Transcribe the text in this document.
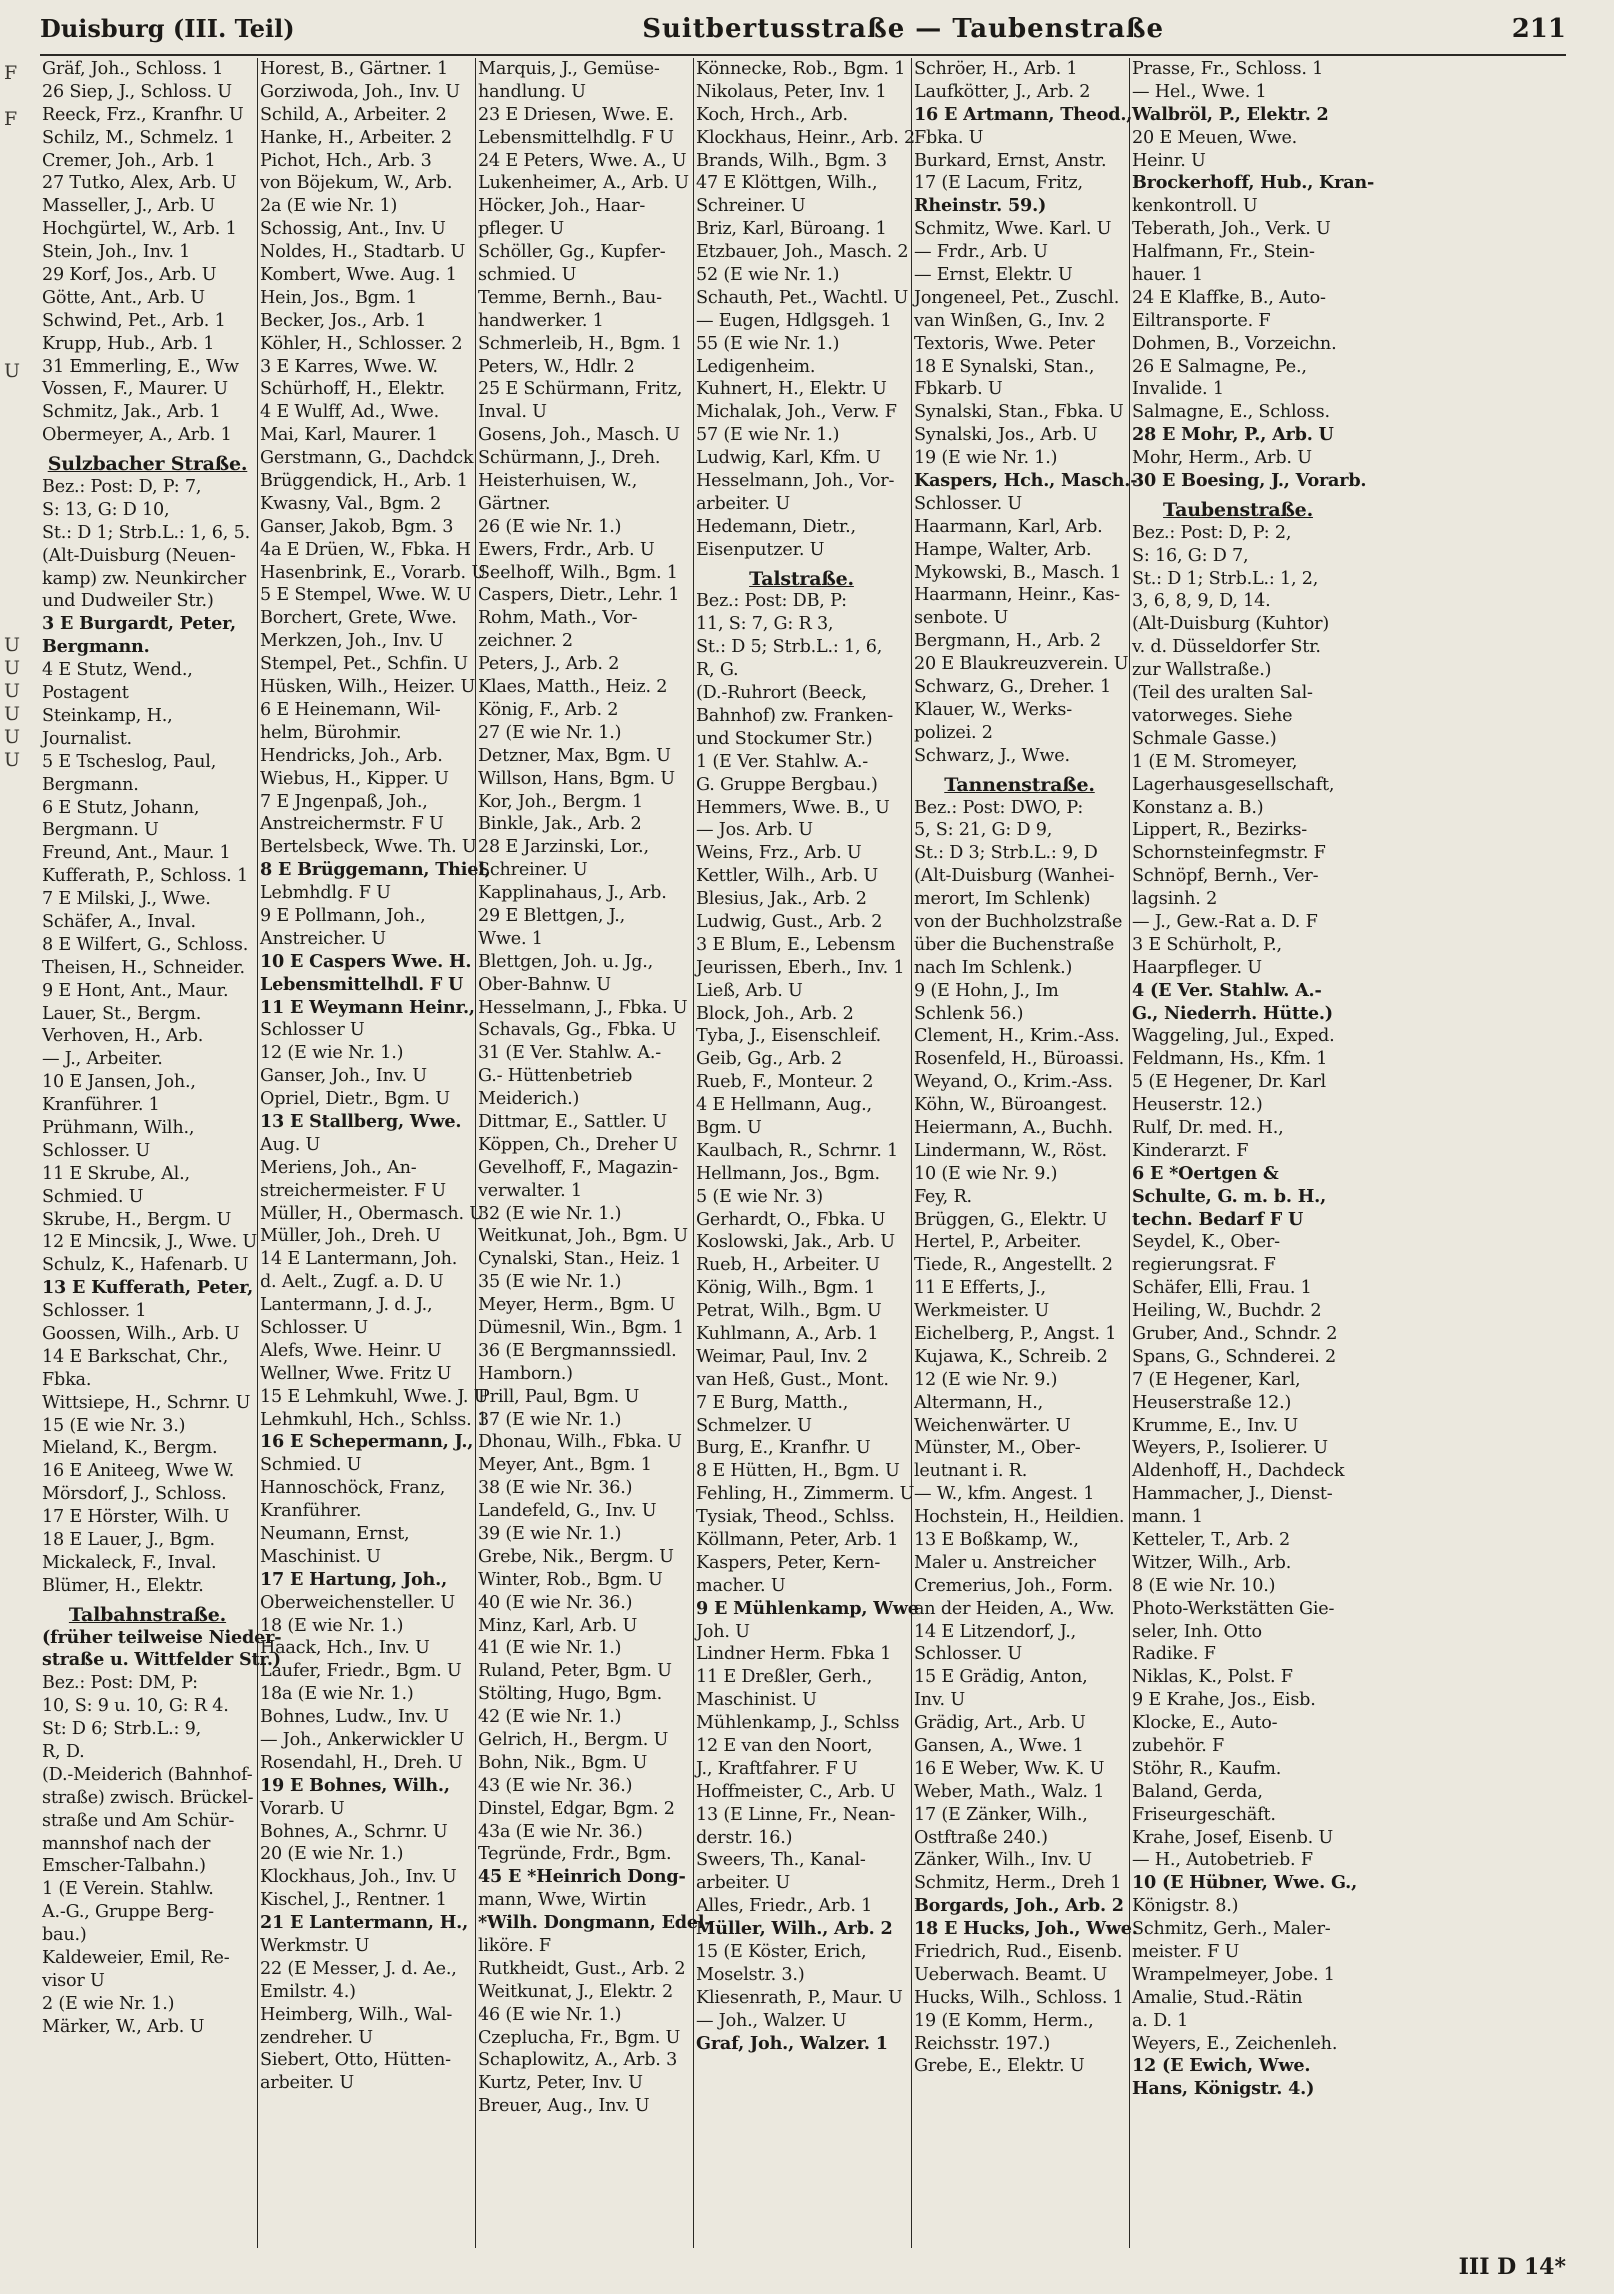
F
F
U
U
U
U
U
U
U
Duisburg (III. Teil)	Suitbertusstraße — Taubenstraße	211
Gräf, Joh., Schloss. 1
26 Siep, J., Schloss. U
Reeck, Frz., Kranfhr. U
Schilz, M., Schmelz. 1
Cremer, Joh., Arb. 1
27 Tutko, Alex, Arb. U
Masseller, J., Arb. U
Hochgürtel, W., Arb. 1
Stein, Joh., Inv. 1
29 Korf, Jos., Arb. U
Götte, Ant., Arb. U
Schwind, Pet., Arb. 1
Krupp, Hub., Arb. 1
31 Emmerling, E., Ww
Vossen, F., Maurer. U
Schmitz, Jak., Arb. 1
Obermeyer, A., Arb. 1
Sulzbacher Straße.
Bez.: Post: D, P: 7,
S: 13, G: D 10,
St.: D 1; Strb.L.: 1, 6, 5.
(Alt-Duisburg (Neuen-
kamp) zw. Neunkircher
und Dudweiler Str.)
3 E Burgardt, Peter,
Bergmann.
4 E Stutz, Wend.,
Postagent
Steinkamp, H.,
Journalist.
5 E Tscheslog, Paul,
Bergmann.
6 E Stutz, Johann,
Bergmann. U
Freund, Ant., Maur. 1
Kufferath, P., Schloss. 1
7 E Milski, J., Wwe.
Schäfer, A., Inval.
8 E Wilfert, G., Schloss.
Theisen, H., Schneider.
9 E Hont, Ant., Maur.
Lauer, St., Bergm.
Verhoven, H., Arb.
— J., Arbeiter.
10 E Jansen, Joh.,
Kranführer. 1
Prühmann, Wilh.,
Schlosser. U
11 E Skrube, Al.,
Schmied. U
Skrube, H., Bergm. U
12 E Mincsik, J., Wwe. U
Schulz, K., Hafenarb. U
13 E Kufferath, Peter,
Schlosser. 1
Goossen, Wilh., Arb. U
14 E Barkschat, Chr.,
Fbka.
Wittsiepe, H., Schrnr. U
15 (E wie Nr. 3.)
Mieland, K., Bergm.
16 E Aniteeg, Wwe W.
Mörsdorf, J., Schloss.
17 E Hörster, Wilh. U
18 E Lauer, J., Bgm.
Mickaleck, F., Inval.
Blümer, H., Elektr.
Talbahnstraße.
(früher teilweise Nieder-
straße u. Wittfelder Str.)
Bez.: Post: DM, P:
10, S: 9 u. 10, G: R 4.
St: D 6; Strb.L.: 9,
R, D.
(D.-Meiderich (Bahnhof-
straße) zwisch. Brückel-
straße und Am Schür-
mannshof nach der
Emscher-Talbahn.)
1 (E Verein. Stahlw.
A.-G., Gruppe Berg-
bau.)
Kaldeweier, Emil, Re-
visor U
2 (E wie Nr. 1.)
Märker, W., Arb. U
Horest, B., Gärtner. 1
Gorziwoda, Joh., Inv. U
Schild, A., Arbeiter. 2
Hanke, H., Arbeiter. 2
Pichot, Hch., Arb. 3
von Böjekum, W., Arb.
2a (E wie Nr. 1)
Schossig, Ant., Inv. U
Noldes, H., Stadtarb. U
Kombert, Wwe. Aug. 1
Hein, Jos., Bgm. 1
Becker, Jos., Arb. 1
Köhler, H., Schlosser. 2
3 E Karres, Wwe. W.
Schürhoff, H., Elektr.
4 E Wulff, Ad., Wwe.
Mai, Karl, Maurer. 1
Gerstmann, G., Dachdck
Brüggendick, H., Arb. 1
Kwasny, Val., Bgm. 2
Ganser, Jakob, Bgm. 3
4a E Drüen, W., Fbka. H
Hasenbrink, E., Vorarb. U
5 E Stempel, Wwe. W. U
Borchert, Grete, Wwe.
Merkzen, Joh., Inv. U
Stempel, Pet., Schfin. U
Hüsken, Wilh., Heizer. U
6 E Heinemann, Wil-
helm, Bürohmir.
Hendricks, Joh., Arb.
Wiebus, H., Kipper. U
7 E Jngenpaß, Joh.,
Anstreichermstr. F U
Bertelsbeck, Wwe. Th. U
8 E Brüggemann, Thiel,
Lebmhdlg. F U
9 E Pollmann, Joh.,
Anstreicher. U
10 E Caspers Wwe. H.
Lebensmittelhdl. F U
11 E Weymann Heinr.,
Schlosser U
12 (E wie Nr. 1.)
Ganser, Joh., Inv. U
Opriel, Dietr., Bgm. U
13 E Stallberg, Wwe.
Aug. U
Meriens, Joh., An-
streichermeister. F U
Müller, H., Obermasch. U
Müller, Joh., Dreh. U
14 E Lantermann, Joh.
d. Aelt., Zugf. a. D. U
Lantermann, J. d. J.,
Schlosser. U
Alefs, Wwe. Heinr. U
Wellner, Wwe. Fritz U
15 E Lehmkuhl, Wwe. J. U
Lehmkuhl, Hch., Schlss. 1
16 E Schepermann, J.,
Schmied. U
Hannoschöck, Franz,
Kranführer.
Neumann, Ernst,
Maschinist. U
17 E Hartung, Joh.,
Oberweichensteller. U
18 (E wie Nr. 1.)
Haack, Hch., Inv. U
Laufer, Friedr., Bgm. U
18a (E wie Nr. 1.)
Bohnes, Ludw., Inv. U
— Joh., Ankerwickler U
Rosendahl, H., Dreh. U
19 E Bohnes, Wilh.,
Vorarb. U
Bohnes, A., Schrnr. U
20 (E wie Nr. 1.)
Klockhaus, Joh., Inv. U
Kischel, J., Rentner. 1
21 E Lantermann, H.,
Werkmstr. U
22 (E Messer, J. d. Ae.,
Emilstr. 4.)
Heimberg, Wilh., Wal-
zendreher. U
Siebert, Otto, Hütten-
arbeiter. U
Marquis, J., Gemüse-
handlung. U
23 E Driesen, Wwe. E.
Lebensmittelhdlg. F U
24 E Peters, Wwe. A., U
Lukenheimer, A., Arb. U
Höcker, Joh., Haar-
pfleger. U
Schöller, Gg., Kupfer-
schmied. U
Temme, Bernh., Bau-
handwerker. 1
Schmerleib, H., Bgm. 1
Peters, W., Hdlr. 2
25 E Schürmann, Fritz,
Inval. U
Gosens, Joh., Masch. U
Schürmann, J., Dreh.
Heisterhuisen, W.,
Gärtner.
26 (E wie Nr. 1.)
Ewers, Frdr., Arb. U
Seelhoff, Wilh., Bgm. 1
Caspers, Dietr., Lehr. 1
Rohm, Math., Vor-
zeichner. 2
Peters, J., Arb. 2
Klaes, Matth., Heiz. 2
König, F., Arb. 2
27 (E wie Nr. 1.)
Detzner, Max, Bgm. U
Willson, Hans, Bgm. U
Kor, Joh., Bergm. 1
Binkle, Jak., Arb. 2
28 E Jarzinski, Lor.,
Schreiner. U
Kapplinahaus, J., Arb.
29 E Blettgen, J.,
Wwe. 1
Blettgen, Joh. u. Jg.,
Ober-Bahnw. U
Hesselmann, J., Fbka. U
Schavals, Gg., Fbka. U
31 (E Ver. Stahlw. A.-
G.- Hüttenbetrieb
Meiderich.)
Dittmar, E., Sattler. U
Köppen, Ch., Dreher U
Gevelhoff, F., Magazin-
verwalter. 1
32 (E wie Nr. 1.)
Weitkunat, Joh., Bgm. U
Cynalski, Stan., Heiz. 1
35 (E wie Nr. 1.)
Meyer, Herm., Bgm. U
Dümesnil, Win., Bgm. 1
36 (E Bergmannssiedl.
Hamborn.)
Prill, Paul, Bgm. U
37 (E wie Nr. 1.)
Dhonau, Wilh., Fbka. U
Meyer, Ant., Bgm. 1
38 (E wie Nr. 36.)
Landefeld, G., Inv. U
39 (E wie Nr. 1.)
Grebe, Nik., Bergm. U
Winter, Rob., Bgm. U
40 (E wie Nr. 36.)
Minz, Karl, Arb. U
41 (E wie Nr. 1.)
Ruland, Peter, Bgm. U
Stölting, Hugo, Bgm.
42 (E wie Nr. 1.)
Gelrich, H., Bergm. U
Bohn, Nik., Bgm. U
43 (E wie Nr. 36.)
Dinstel, Edgar, Bgm. 2
43a (E wie Nr. 36.)
Tegründe, Frdr., Bgm.
45 E *Heinrich Dong-
mann, Wwe, Wirtin
*Wilh. Dongmann, Edel-
liköre. F
Rutkheidt, Gust., Arb. 2
Weitkunat, J., Elektr. 2
46 (E wie Nr. 1.)
Czeplucha, Fr., Bgm. U
Schaplowitz, A., Arb. 3
Kurtz, Peter, Inv. U
Breuer, Aug., Inv. U
Könnecke, Rob., Bgm. 1
Nikolaus, Peter, Inv. 1
Koch, Hrch., Arb.
Klockhaus, Heinr., Arb. 2
Brands, Wilh., Bgm. 3
47 E Klöttgen, Wilh.,
Schreiner. U
Briz, Karl, Büroang. 1
Etzbauer, Joh., Masch. 2
52 (E wie Nr. 1.)
Schauth, Pet., Wachtl. U
— Eugen, Hdlgsgeh. 1
55 (E wie Nr. 1.)
Ledigenheim.
Kuhnert, H., Elektr. U
Michalak, Joh., Verw. F
57 (E wie Nr. 1.)
Ludwig, Karl, Kfm. U
Hesselmann, Joh., Vor-
arbeiter. U
Hedemann, Dietr.,
Eisenputzer. U
Talstraße.
Bez.: Post: DB, P:
11, S: 7, G: R 3,
St.: D 5; Strb.L.: 1, 6,
R, G.
(D.-Ruhrort (Beeck,
Bahnhof) zw. Franken-
und Stockumer Str.)
1 (E Ver. Stahlw. A.-
G. Gruppe Bergbau.)
Hemmers, Wwe. B., U
— Jos. Arb. U
Weins, Frz., Arb. U
Kettler, Wilh., Arb. U
Blesius, Jak., Arb. 2
Ludwig, Gust., Arb. 2
3 E Blum, E., Lebensm
Jeurissen, Eberh., Inv. 1
Ließ, Arb. U
Block, Joh., Arb. 2
Tyba, J., Eisenschleif.
Geib, Gg., Arb. 2
Rueb, F., Monteur. 2
4 E Hellmann, Aug.,
Bgm. U
Kaulbach, R., Schrnr. 1
Hellmann, Jos., Bgm.
5 (E wie Nr. 3)
Gerhardt, O., Fbka. U
Koslowski, Jak., Arb. U
Rueb, H., Arbeiter. U
König, Wilh., Bgm. 1
Petrat, Wilh., Bgm. U
Kuhlmann, A., Arb. 1
Weimar, Paul, Inv. 2
van Heß, Gust., Mont.
7 E Burg, Matth.,
Schmelzer. U
Burg, E., Kranfhr. U
8 E Hütten, H., Bgm. U
Fehling, H., Zimmerm. U
Tysiak, Theod., Schlss.
Köllmann, Peter, Arb. 1
Kaspers, Peter, Kern-
macher. U
9 E Mühlenkamp, Wwe
Joh. U
Lindner Herm. Fbka 1
11 E Dreßler, Gerh.,
Maschinist. U
Mühlenkamp, J., Schlss
12 E van den Noort,
J., Kraftfahrer. F U
Hoffmeister, C., Arb. U
13 (E Linne, Fr., Nean-
derstr. 16.)
Sweers, Th., Kanal-
arbeiter. U
Alles, Friedr., Arb. 1
Müller, Wilh., Arb. 2
15 (E Köster, Erich,
Moselstr. 3.)
Kliesenrath, P., Maur. U
— Joh., Walzer. U
Graf, Joh., Walzer. 1
Schröer, H., Arb. 1
Laufkötter, J., Arb. 2
16 E Artmann, Theod.,
Fbka. U
Burkard, Ernst, Anstr.
17 (E Lacum, Fritz,
Rheinstr. 59.)
Schmitz, Wwe. Karl. U
— Frdr., Arb. U
— Ernst, Elektr. U
Jongeneel, Pet., Zuschl.
van Winßen, G., Inv. 2
Textoris, Wwe. Peter
18 E Synalski, Stan.,
Fbkarb. U
Synalski, Stan., Fbka. U
Synalski, Jos., Arb. U
19 (E wie Nr. 1.)
Kaspers, Hch., Masch.-
Schlosser. U
Haarmann, Karl, Arb.
Hampe, Walter, Arb.
Mykowski, B., Masch. 1
Haarmann, Heinr., Kas-
senbote. U
Bergmann, H., Arb. 2
20 E Blaukreuzverein. U
Schwarz, G., Dreher. 1
Klauer, W., Werks-
polizei. 2
Schwarz, J., Wwe.
Tannenstraße.
Bez.: Post: DWO, P:
5, S: 21, G: D 9,
St.: D 3; Strb.L.: 9, D
(Alt-Duisburg (Wanhei-
merort, Im Schlenk)
von der Buchholzstraße
über die Buchenstraße
nach Im Schlenk.)
9 (E Hohn, J., Im
Schlenk 56.)
Clement, H., Krim.-Ass.
Rosenfeld, H., Büroassi.
Weyand, O., Krim.-Ass.
Köhn, W., Büroangest.
Heiermann, A., Buchh.
Lindermann, W., Röst.
10 (E wie Nr. 9.)
Fey, R.
Brüggen, G., Elektr. U
Hertel, P., Arbeiter.
Tiede, R., Angestellt. 2
11 E Efferts, J.,
Werkmeister. U
Eichelberg, P., Angst. 1
Kujawa, K., Schreib. 2
12 (E wie Nr. 9.)
Altermann, H.,
Weichenwärter. U
Münster, M., Ober-
leutnant i. R.
— W., kfm. Angest. 1
Hochstein, H., Heildien.
13 E Boßkamp, W.,
Maler u. Anstreicher
Cremerius, Joh., Form.
an der Heiden, A., Ww.
14 E Litzendorf, J.,
Schlosser. U
15 E Grädig, Anton,
Inv. U
Grädig, Art., Arb. U
Gansen, A., Wwe. 1
16 E Weber, Ww. K. U
Weber, Math., Walz. 1
17 (E Zänker, Wilh.,
Ostftraße 240.)
Zänker, Wilh., Inv. U
Schmitz, Herm., Dreh 1
Borgards, Joh., Arb. 2
18 E Hucks, Joh., Wwe.
Friedrich, Rud., Eisenb.
Ueberwach. Beamt. U
Hucks, Wilh., Schloss. 1
19 (E Komm, Herm.,
Reichsstr. 197.)
Grebe, E., Elektr. U
Prasse, Fr., Schloss. 1
— Hel., Wwe. 1
Walbröl, P., Elektr. 2
20 E Meuen, Wwe.
Heinr. U
Brockerhoff, Hub., Kran-
kenkontroll. U
Teberath, Joh., Verk. U
Halfmann, Fr., Stein-
hauer. 1
24 E Klaffke, B., Auto-
Eiltransporte. F
Dohmen, B., Vorzeichn.
26 E Salmagne, Pe.,
Invalide. 1
Salmagne, E., Schloss.
28 E Mohr, P., Arb. U
Mohr, Herm., Arb. U
30 E Boesing, J., Vorarb.
Taubenstraße.
Bez.: Post: D, P: 2,
S: 16, G: D 7,
St.: D 1; Strb.L.: 1, 2,
3, 6, 8, 9, D, 14.
(Alt-Duisburg (Kuhtor)
v. d. Düsseldorfer Str.
zur Wallstraße.)
(Teil des uralten Sal-
vatorweges. Siehe
Schmale Gasse.)
1 (E M. Stromeyer,
Lagerhausgesellschaft,
Konstanz a. B.)
Lippert, R., Bezirks-
Schornsteinfegmstr. F
Schnöpf, Bernh., Ver-
lagsinh. 2
— J., Gew.-Rat a. D. F
3 E Schürholt, P.,
Haarpfleger. U
4 (E Ver. Stahlw. A.-
G., Niederrh. Hütte.)
Waggeling, Jul., Exped.
Feldmann, Hs., Kfm. 1
5 (E Hegener, Dr. Karl
Heuserstr. 12.)
Rulf, Dr. med. H.,
Kinderarzt. F
6 E *Oertgen &
Schulte, G. m. b. H.,
techn. Bedarf F U
Seydel, K., Ober-
regierungsrat. F
Schäfer, Elli, Frau. 1
Heiling, W., Buchdr. 2
Gruber, And., Schndr. 2
Spans, G., Schnderei. 2
7 (E Hegener, Karl,
Heuserstraße 12.)
Krumme, E., Inv. U
Weyers, P., Isolierer. U
Aldenhoff, H., Dachdeck
Hammacher, J., Dienst-
mann. 1
Ketteler, T., Arb. 2
Witzer, Wilh., Arb.
8 (E wie Nr. 10.)
Photo-Werkstätten Gie-
seler, Inh. Otto
Radike. F
Niklas, K., Polst. F
9 E Krahe, Jos., Eisb.
Klocke, E., Auto-
zubehör. F
Stöhr, R., Kaufm.
Baland, Gerda,
Friseurgeschäft.
Krahe, Josef, Eisenb. U
— H., Autobetrieb. F
10 (E Hübner, Wwe. G.,
Königstr. 8.)
Schmitz, Gerh., Maler-
meister. F U
Wrampelmeyer, Jobe. 1
Amalie, Stud.-Rätin
a. D. 1
Weyers, E., Zeichenleh.
12 (E Ewich, Wwe.
Hans, Königstr. 4.)
III D 14*
